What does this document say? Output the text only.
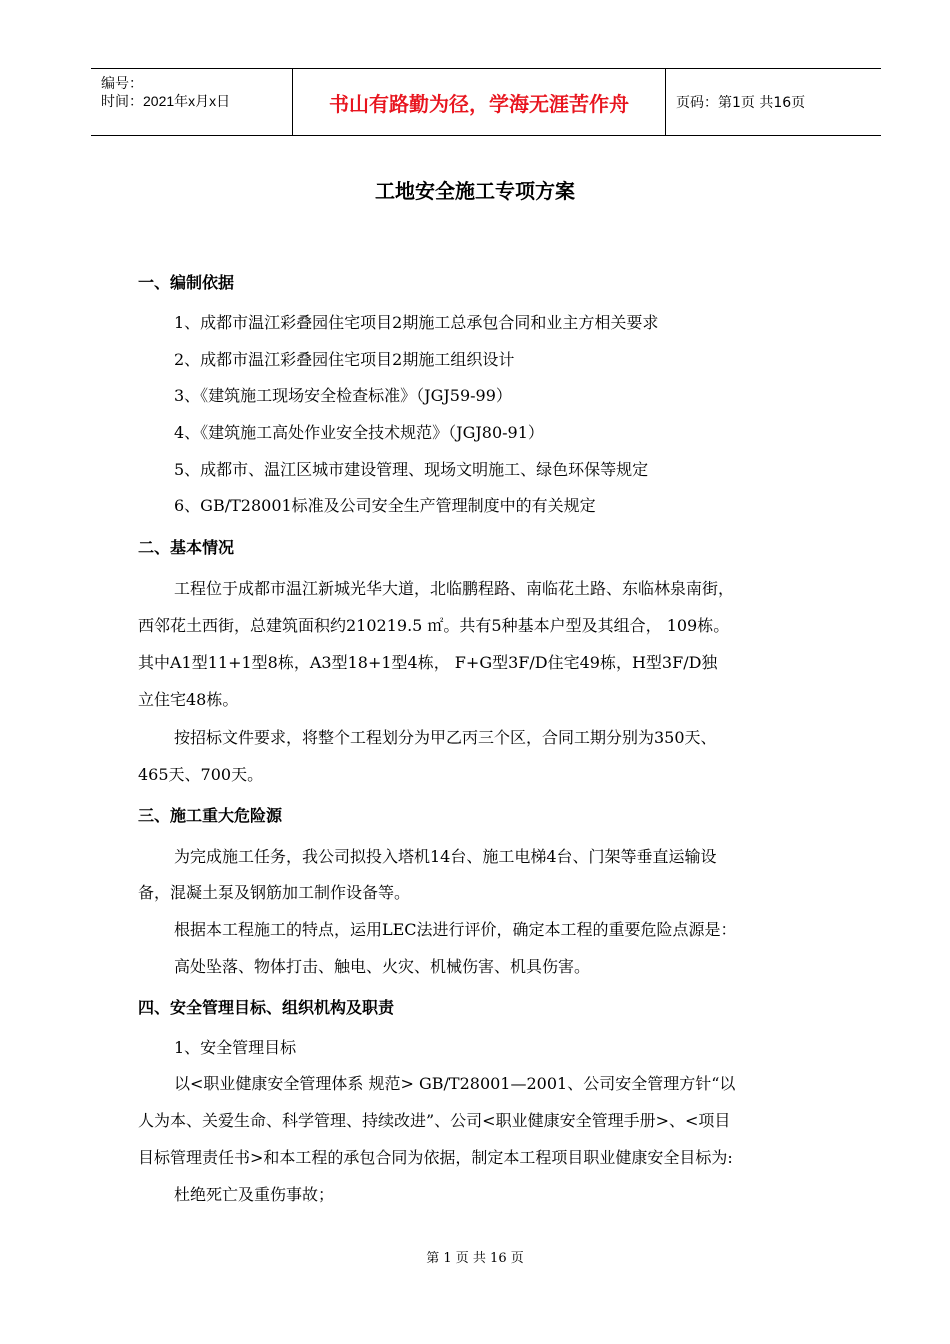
编号：
时间：2021年x月x日	书山有路勤为径，学海无涯苦作舟	页码：第1页 共16页
工地安全施工专项方案
一、编制依据
1、成都市温江彩叠园住宅项目2期施工总承包合同和业主方相关要求
2、成都市温江彩叠园住宅项目2期施工组织设计
3、《建筑施工现场安全检查标准》（JGJ59-99）
4、《建筑施工高处作业安全技术规范》（JGJ80-91）
5、成都市、温江区城市建设管理、现场文明施工、绿色环保等规定
6、GB/T28001标准及公司安全生产管理制度中的有关规定
二、基本情况
工程位于成都市温江新城光华大道，北临鹏程路、南临花土路、东临林泉南街，
西邻花土西街，总建筑面积约210219.5 ㎡。共有5种基本户型及其组合， 109栋。
其中A1型11+1型8栋，A3型18+1型4栋， F+G型3F/D住宅49栋，H型3F/D独
立住宅48栋。
按招标文件要求，将整个工程划分为甲乙丙三个区，合同工期分别为350天、
465天、700天。
三、施工重大危险源
为完成施工任务，我公司拟投入塔机14台、施工电梯4台、门架等垂直运输设
备，混凝土泵及钢筋加工制作设备等。
根据本工程施工的特点，运用LEC法进行评价，确定本工程的重要危险点源是：
高处坠落、物体打击、触电、火灾、机械伤害、机具伤害。
四、安全管理目标、组织机构及职责
1、安全管理目标
以<职业健康安全管理体系 规范> GB/T28001—2001、公司安全管理方针“以
人为本、关爱生命、科学管理、持续改进”、公司<职业健康安全管理手册>、<项目
目标管理责任书>和本工程的承包合同为依据，制定本工程项目职业健康安全目标为:
杜绝死亡及重伤事故；
第 1 页 共 16 页
